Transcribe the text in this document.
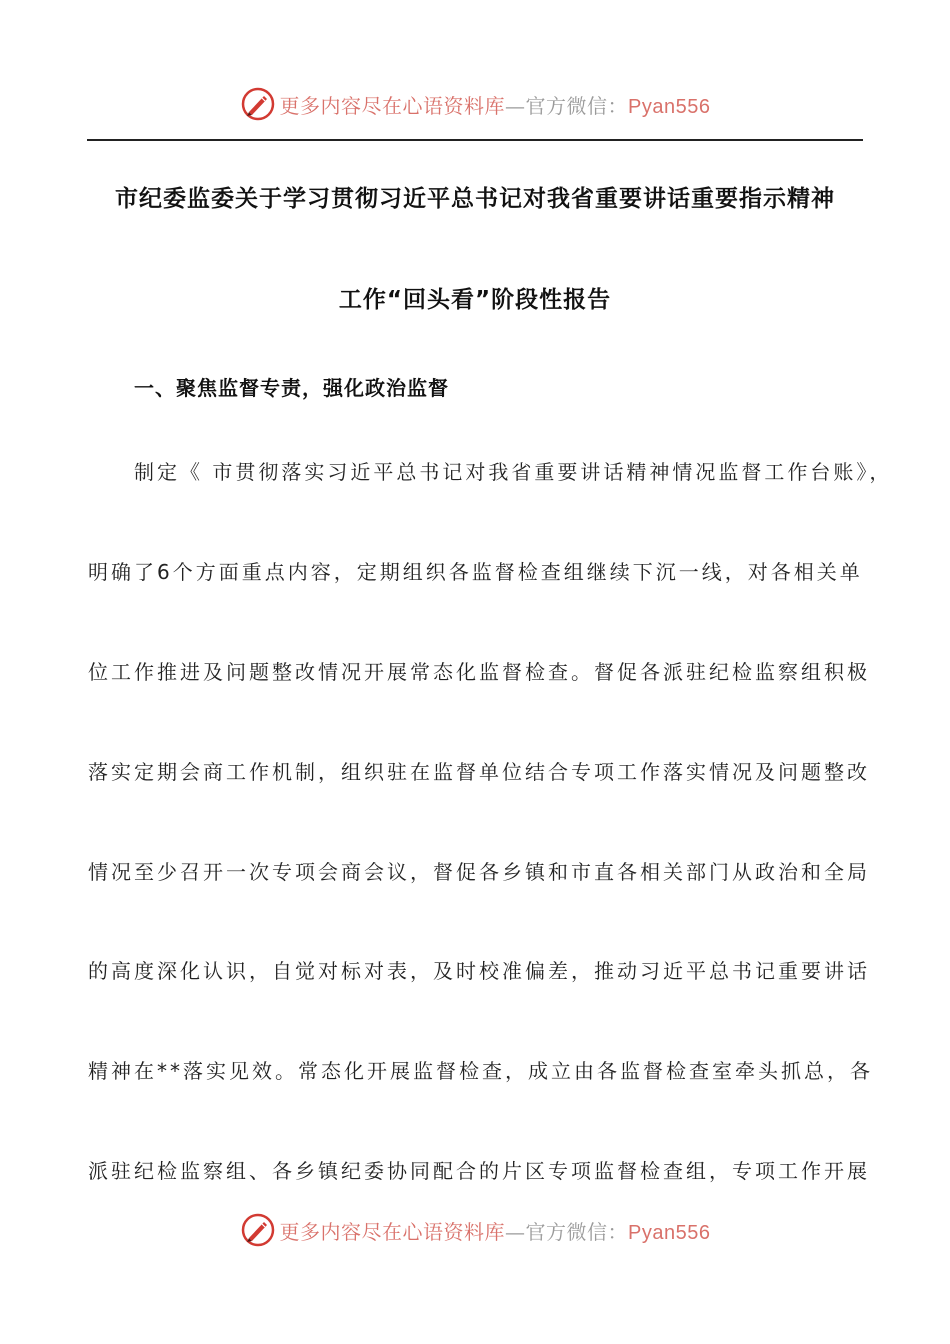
更多内容尽在心语资料库—官方微信：Pyan556
市纪委监委关于学习贯彻习近平总书记对我省重要讲话重要指示精神
工作“回头看”阶段性报告
一、聚焦监督专责，强化政治监督
制定《 市贯彻落实习近平总书记对我省重要讲话精神情况监督工作台账》，
明确了6个方面重点内容，定期组织各监督检查组继续下沉一线，对各相关单
位工作推进及问题整改情况开展常态化监督检查。督促各派驻纪检监察组积极
落实定期会商工作机制，组织驻在监督单位结合专项工作落实情况及问题整改
情况至少召开一次专项会商会议，督促各乡镇和市直各相关部门从政治和全局
的高度深化认识，自觉对标对表，及时校准偏差，推动习近平总书记重要讲话
精神在**落实见效。常态化开展监督检查，成立由各监督检查室牵头抓总，各
派驻纪检监察组、各乡镇纪委协同配合的片区专项监督检查组，专项工作开展
更多内容尽在心语资料库—官方微信：Pyan556
